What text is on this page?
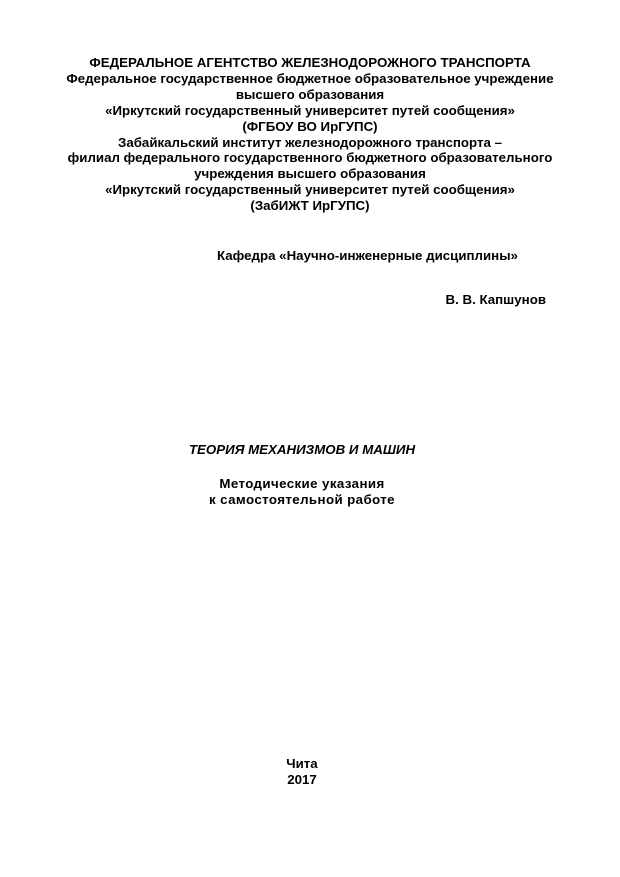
ФЕДЕРАЛЬНОЕ АГЕНТСТВО ЖЕЛЕЗНОДОРОЖНОГО ТРАНСПОРТА
Федеральное государственное бюджетное образовательное учреждение
высшего образования
«Иркутский государственный университет путей сообщения»
(ФГБОУ ВО ИрГУПС)
Забайкальский институт железнодорожного транспорта –
филиал федерального государственного бюджетного образовательного
учреждения высшего образования
«Иркутский государственный университет путей сообщения»
(ЗабИЖТ ИрГУПС)
Кафедра «Научно-инженерные дисциплины»
В. В. Капшунов
ТЕОРИЯ МЕХАНИЗМОВ И МАШИН
Методические указания
к самостоятельной работе
Чита
2017
